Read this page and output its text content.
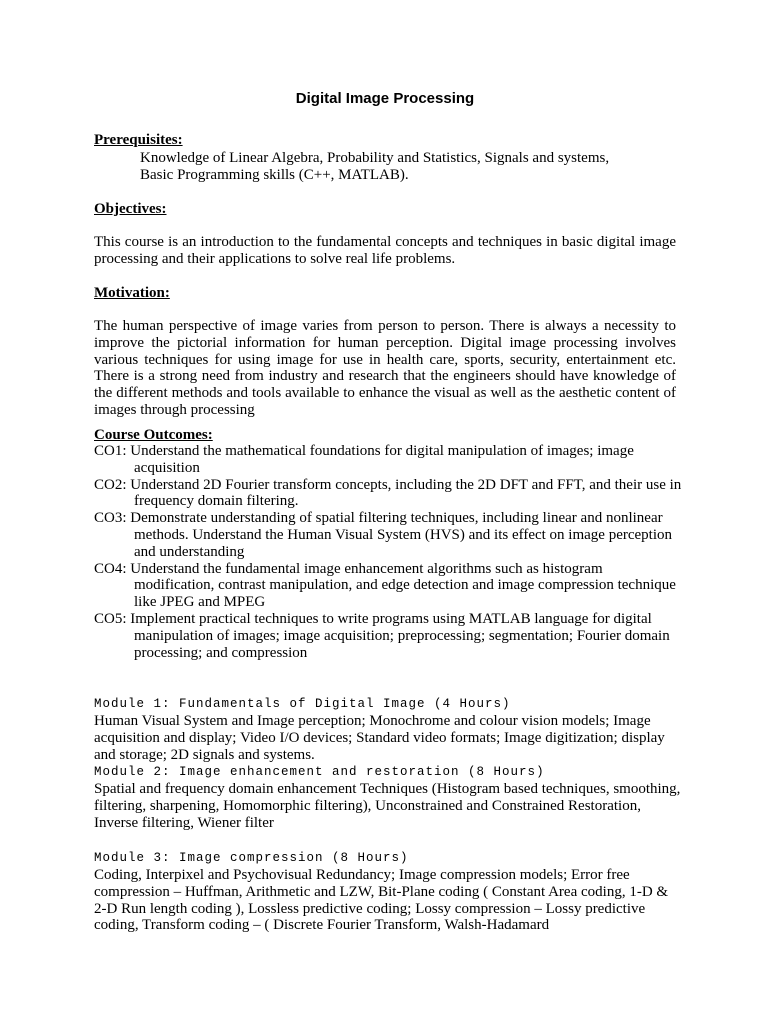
Digital Image Processing
Prerequisites:
Knowledge of Linear Algebra, Probability and Statistics, Signals and systems,
Basic Programming skills (C++, MATLAB).
Objectives:
This course is an introduction to the fundamental concepts and techniques in basic digital image processing and their applications to solve real life problems.
Motivation:
The human perspective of image varies from person to person. There is always a necessity to improve the pictorial information for human perception. Digital image processing involves various techniques for using image for use in health care, sports, security, entertainment etc. There is a strong need from industry and research that the engineers should have knowledge of the different methods and tools available to enhance the visual as well as the aesthetic content of images through processing
Course Outcomes:
CO1: Understand the mathematical foundations for digital manipulation of images; image acquisition
CO2: Understand 2D Fourier transform concepts, including the 2D DFT and FFT, and their use in frequency domain filtering.
CO3: Demonstrate understanding of spatial filtering techniques, including linear and nonlinear methods. Understand the Human Visual System (HVS) and its effect on image perception and understanding
CO4: Understand the fundamental image enhancement algorithms such as histogram modification, contrast manipulation, and edge detection and image compression technique like JPEG and MPEG
CO5: Implement practical techniques to write programs using MATLAB language for digital manipulation of images; image acquisition; preprocessing; segmentation; Fourier domain processing; and compression
Module 1: Fundamentals of Digital Image (4 Hours)
Human Visual System and Image perception; Monochrome and colour vision models; Image acquisition and display; Video I/O devices; Standard video formats; Image digitization; display and storage; 2D signals and systems.
Module 2: Image enhancement and restoration (8 Hours)
Spatial and frequency domain enhancement Techniques (Histogram based techniques, smoothing, filtering, sharpening, Homomorphic filtering), Unconstrained and Constrained Restoration, Inverse filtering, Wiener filter
Module 3: Image compression (8 Hours)
Coding, Interpixel and Psychovisual Redundancy; Image compression models; Error free compression – Huffman, Arithmetic and LZW, Bit-Plane coding ( Constant Area coding, 1-D & 2-D Run length coding ), Lossless predictive coding; Lossy compression – Lossy predictive coding, Transform coding – ( Discrete Fourier Transform, Walsh-Hadamard
